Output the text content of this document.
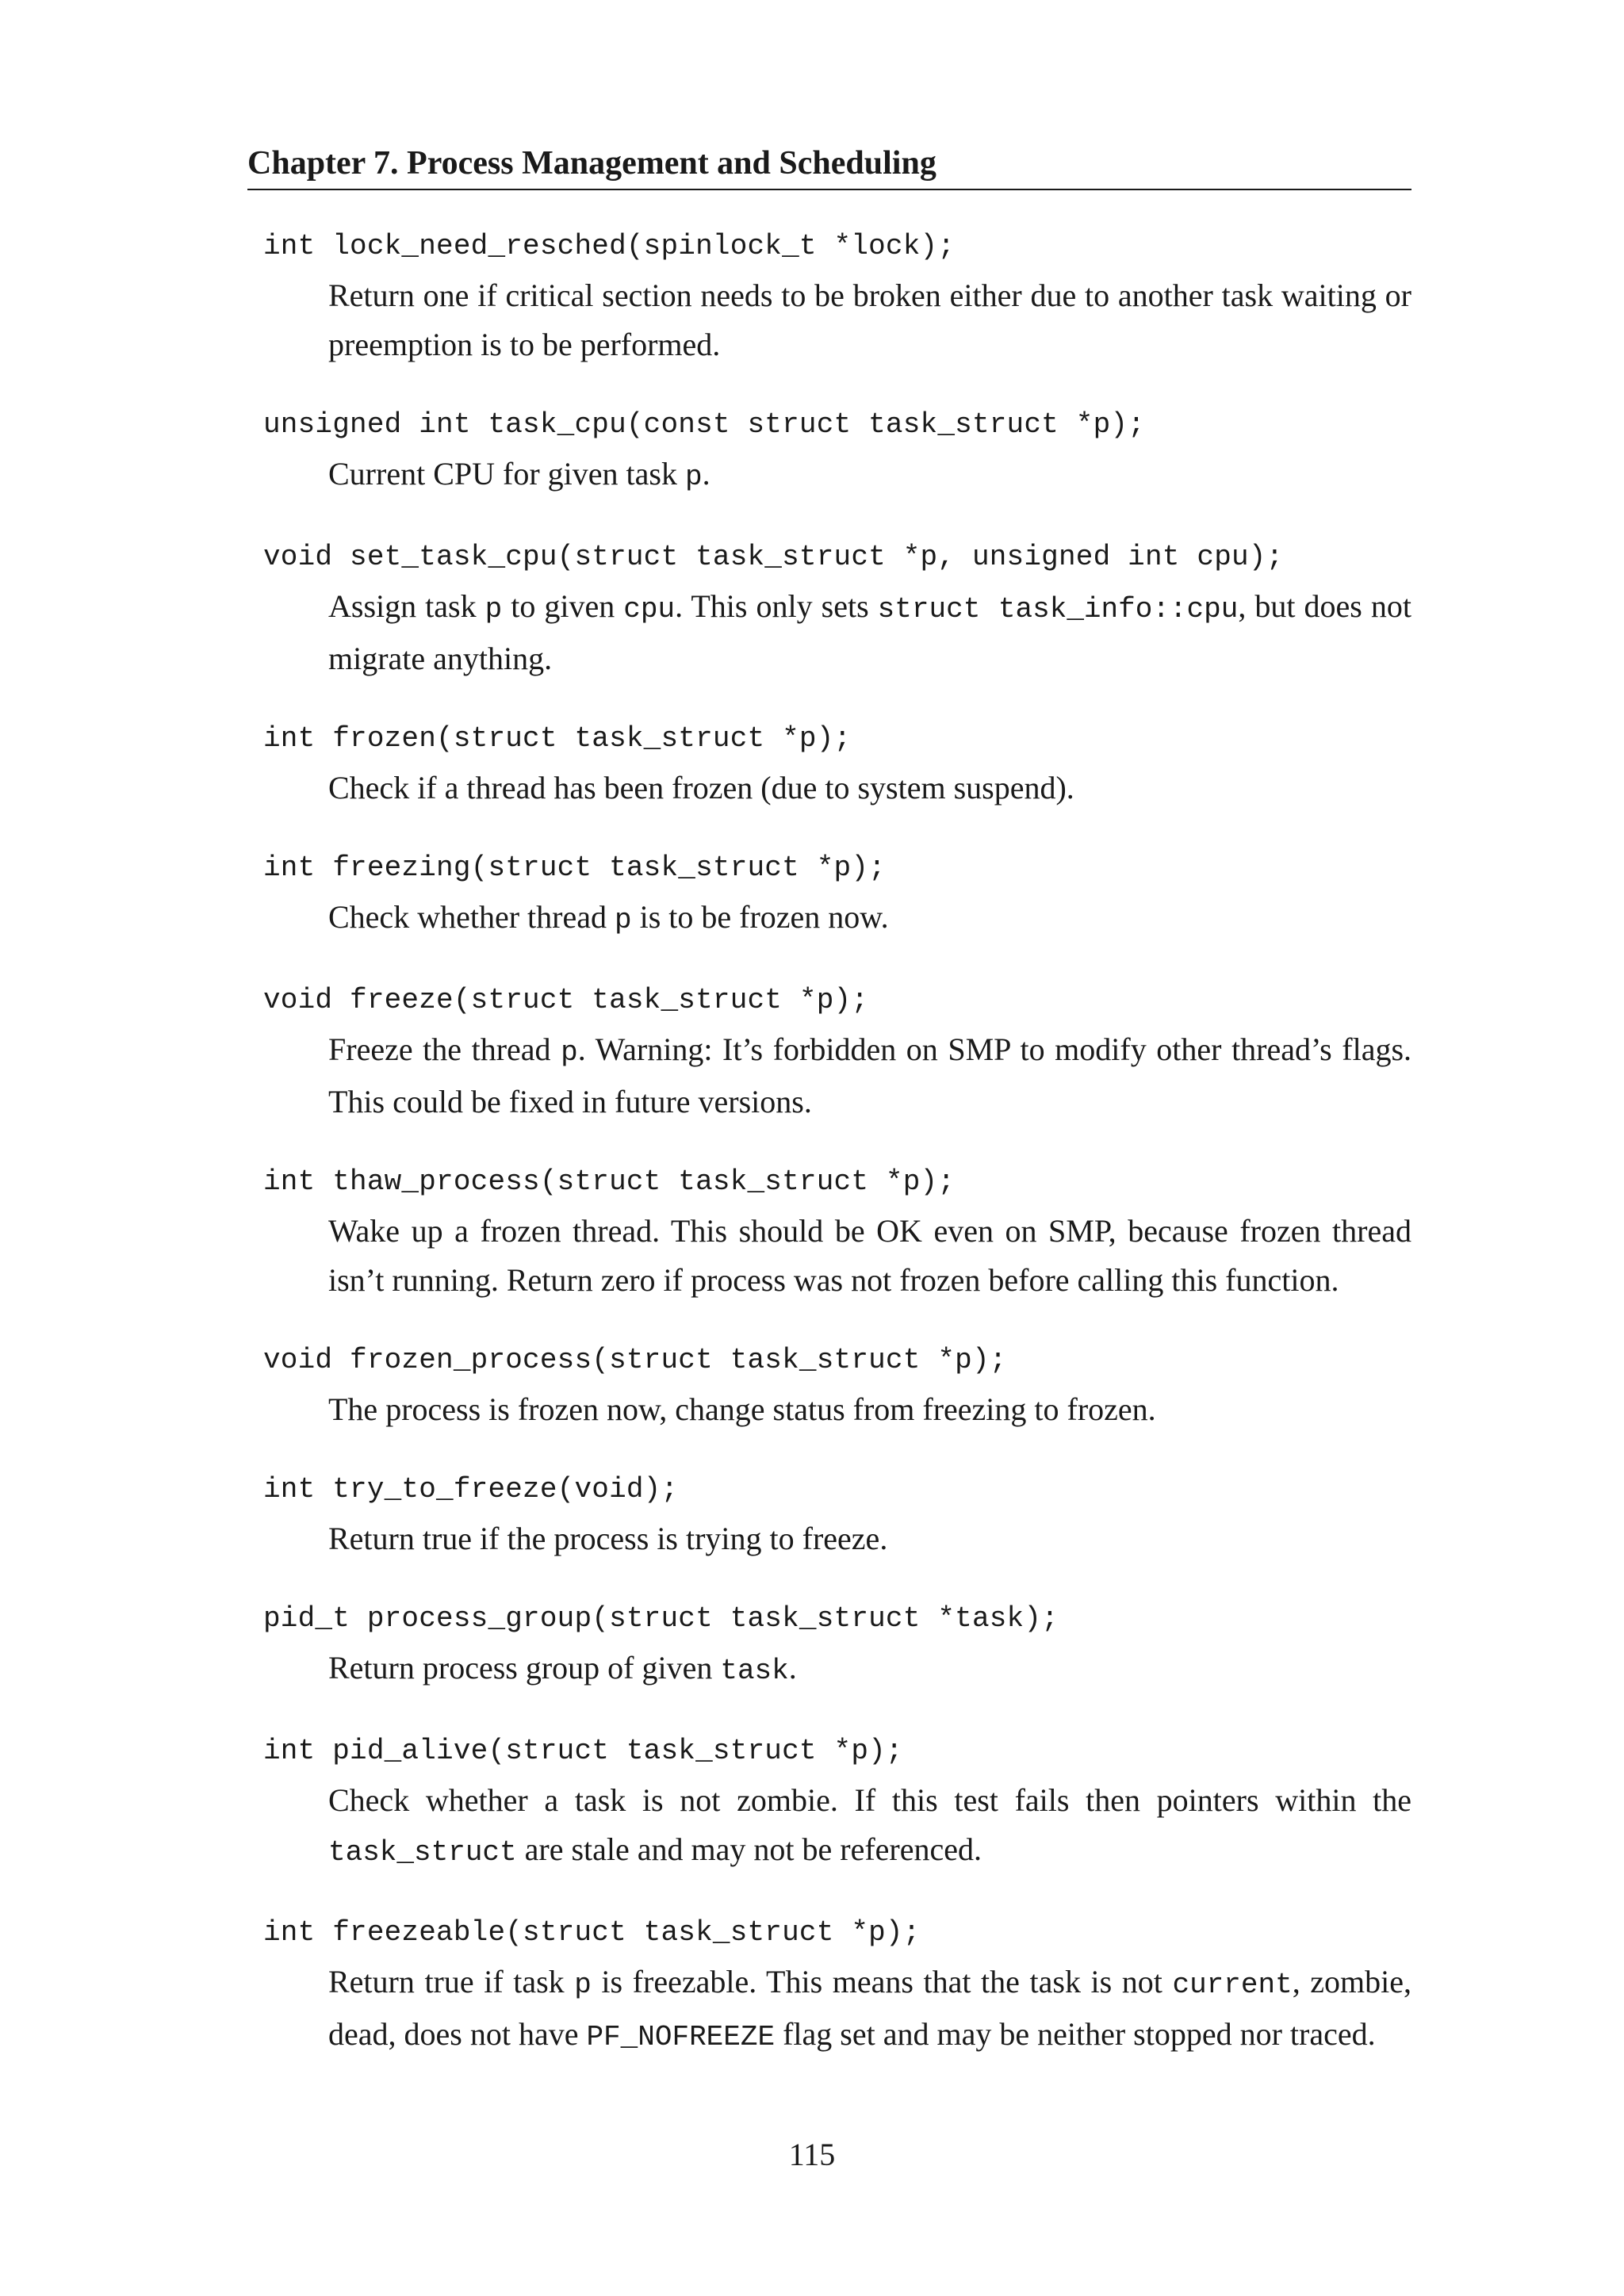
Chapter 7. Process Management and Scheduling
int lock_need_resched(spinlock_t *lock);
Return one if critical section needs to be broken either due to another task waiting or preemption is to be performed.
unsigned int task_cpu(const struct task_struct *p);
Current CPU for given task p.
void set_task_cpu(struct task_struct *p, unsigned int cpu);
Assign task p to given cpu. This only sets struct task_info::cpu, but does not migrate anything.
int frozen(struct task_struct *p);
Check if a thread has been frozen (due to system suspend).
int freezing(struct task_struct *p);
Check whether thread p is to be frozen now.
void freeze(struct task_struct *p);
Freeze the thread p. Warning: It’s forbidden on SMP to modify other thread’s flags. This could be fixed in future versions.
int thaw_process(struct task_struct *p);
Wake up a frozen thread. This should be OK even on SMP, because frozen thread isn’t running. Return zero if process was not frozen before calling this function.
void frozen_process(struct task_struct *p);
The process is frozen now, change status from freezing to frozen.
int try_to_freeze(void);
Return true if the process is trying to freeze.
pid_t process_group(struct task_struct *task);
Return process group of given task.
int pid_alive(struct task_struct *p);
Check whether a task is not zombie. If this test fails then pointers within the task_struct are stale and may not be referenced.
int freezeable(struct task_struct *p);
Return true if task p is freezable. This means that the task is not current, zombie, dead, does not have PF_NOFREEZE flag set and may be neither stopped nor traced.
115
